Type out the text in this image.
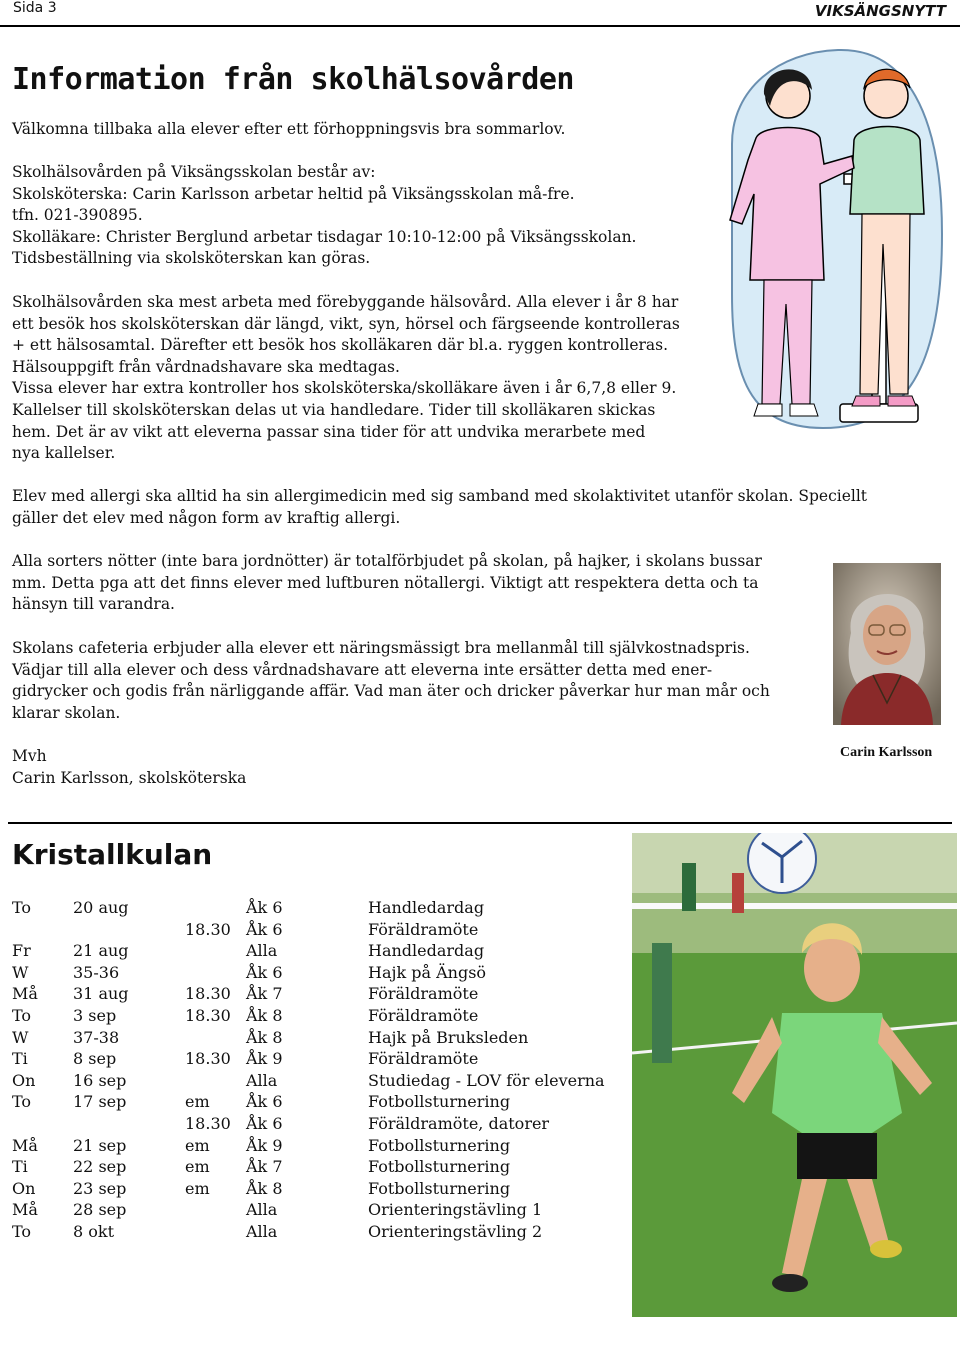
Sida 3	VIKSÄNGSNYTT
Information från skolhälsovården
Välkomna tillbaka alla elever efter ett förhoppningsvis bra sommarlov.
Skolhälsovården på Viksängsskolan består av:
Skolsköterska: Carin Karlsson arbetar heltid på Viksängsskolan må-fre.
tfn. 021-390895.
Skolläkare: Christer Berglund arbetar tisdagar 10:10-12:00 på Viksängsskolan.
Tidsbeställning via skolsköterskan kan göras.
Skolhälsovården ska mest arbeta med förebyggande hälsovård. Alla elever i år 8 har
ett besök hos skolsköterskan där längd, vikt, syn, hörsel och färgseende kontrolleras
+ ett hälsosamtal. Därefter ett besök hos skolläkaren där bl.a. ryggen kontrolleras.
Hälsouppgift från vårdnadshavare ska medtagas.
Vissa elever har extra kontroller hos skolsköterska/skolläkare även i år 6,7,8 eller 9.
Kallelser till skolsköterskan delas ut via handledare. Tider till skolläkaren skickas
hem. Det är av vikt att eleverna passar sina tider för att undvika merarbete med
nya kallelser.
Elev med allergi ska alltid ha sin allergimedicin med sig samband med skolaktivitet utanför skolan. Speciellt
gäller det elev med någon form av kraftig allergi.
Alla sorters nötter (inte bara jordnötter) är totalförbjudet på skolan, på hajker, i skolans bussar
mm. Detta pga att det finns elever med luftburen nötallergi. Viktigt att respektera detta och ta
hänsyn till varandra.
Skolans cafeteria erbjuder alla elever ett näringsmässigt bra mellanmål till självkostnadspris.
Vädjar till alla elever och dess vårdnadshavare att eleverna inte ersätter detta med ener-
gidrycker och godis från närliggande affär. Vad man äter och dricker påverkar hur man mår och
klarar skolan.
Mvh
Carin Karlsson, skolsköterska
Carin Karlsson
Kristallkulan
To	20 aug		Åk 6	Handledardag
		18.30	Åk 6	Föräldramöte
Fr	21 aug		Alla	Handledardag
W	35-36		Åk 6	Hajk på Ängsö
Må	31 aug	18.30	Åk 7	Föräldramöte
To	3 sep	18.30	Åk 8	Föräldramöte
W	37-38		Åk 8	Hajk på Bruksleden
Ti	8 sep	18.30	Åk 9	Föräldramöte
On	16 sep		Alla	Studiedag - LOV för eleverna
To	17 sep	em	Åk 6	Fotbollsturnering
		18.30	Åk 6	Föräldramöte, datorer
Må	21 sep	em	Åk 9	Fotbollsturnering
Ti	22 sep	em	Åk 7	Fotbollsturnering
On	23 sep	em	Åk 8	Fotbollsturnering
Må	28 sep		Alla	Orienteringstävling 1
To	8 okt		Alla	Orienteringstävling 2
